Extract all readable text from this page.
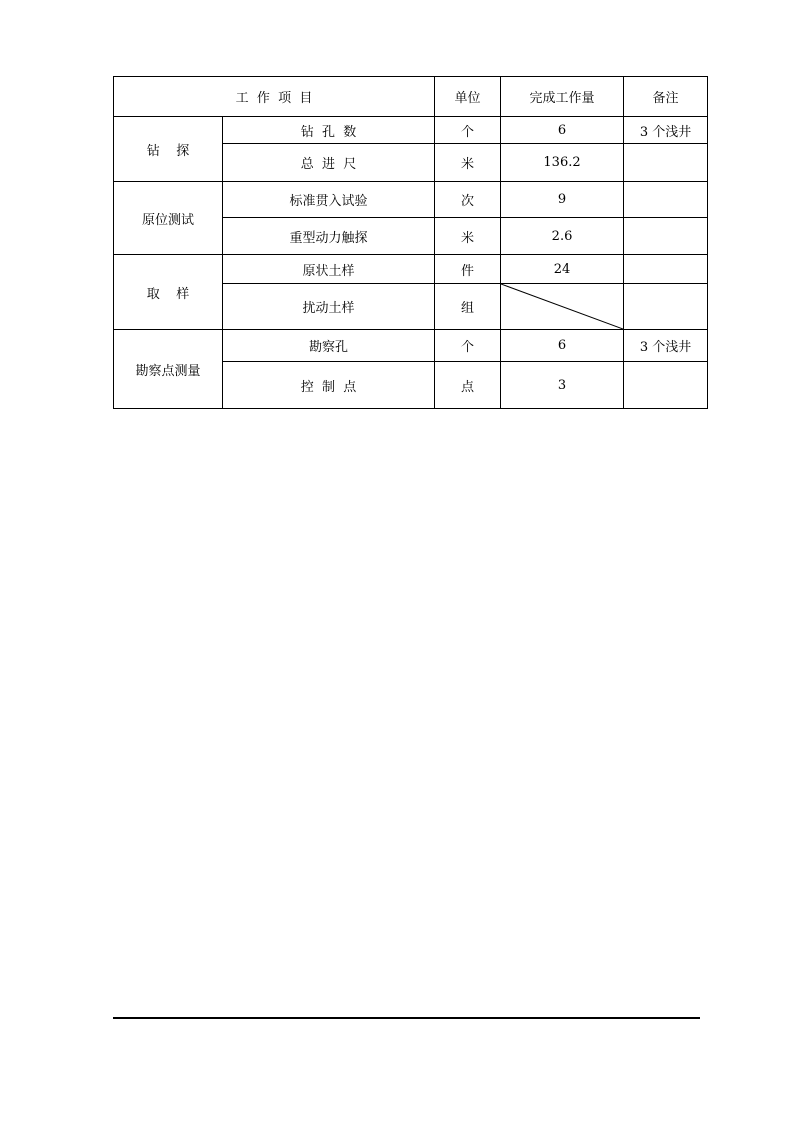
工  作  项  目		单位	完成工作量	备注
钻    探	钻  孔  数	个	6	3 个浅井
	总  进  尺	米	136.2	
原位测试	标准贯入试验	次	9	
	重型动力触探	米	2.6	
取    样	原状土样	件	24	
	扰动土样	组	

勘察点测量	勘察孔	个	6	3 个浅井
	控  制  点	点	3	
